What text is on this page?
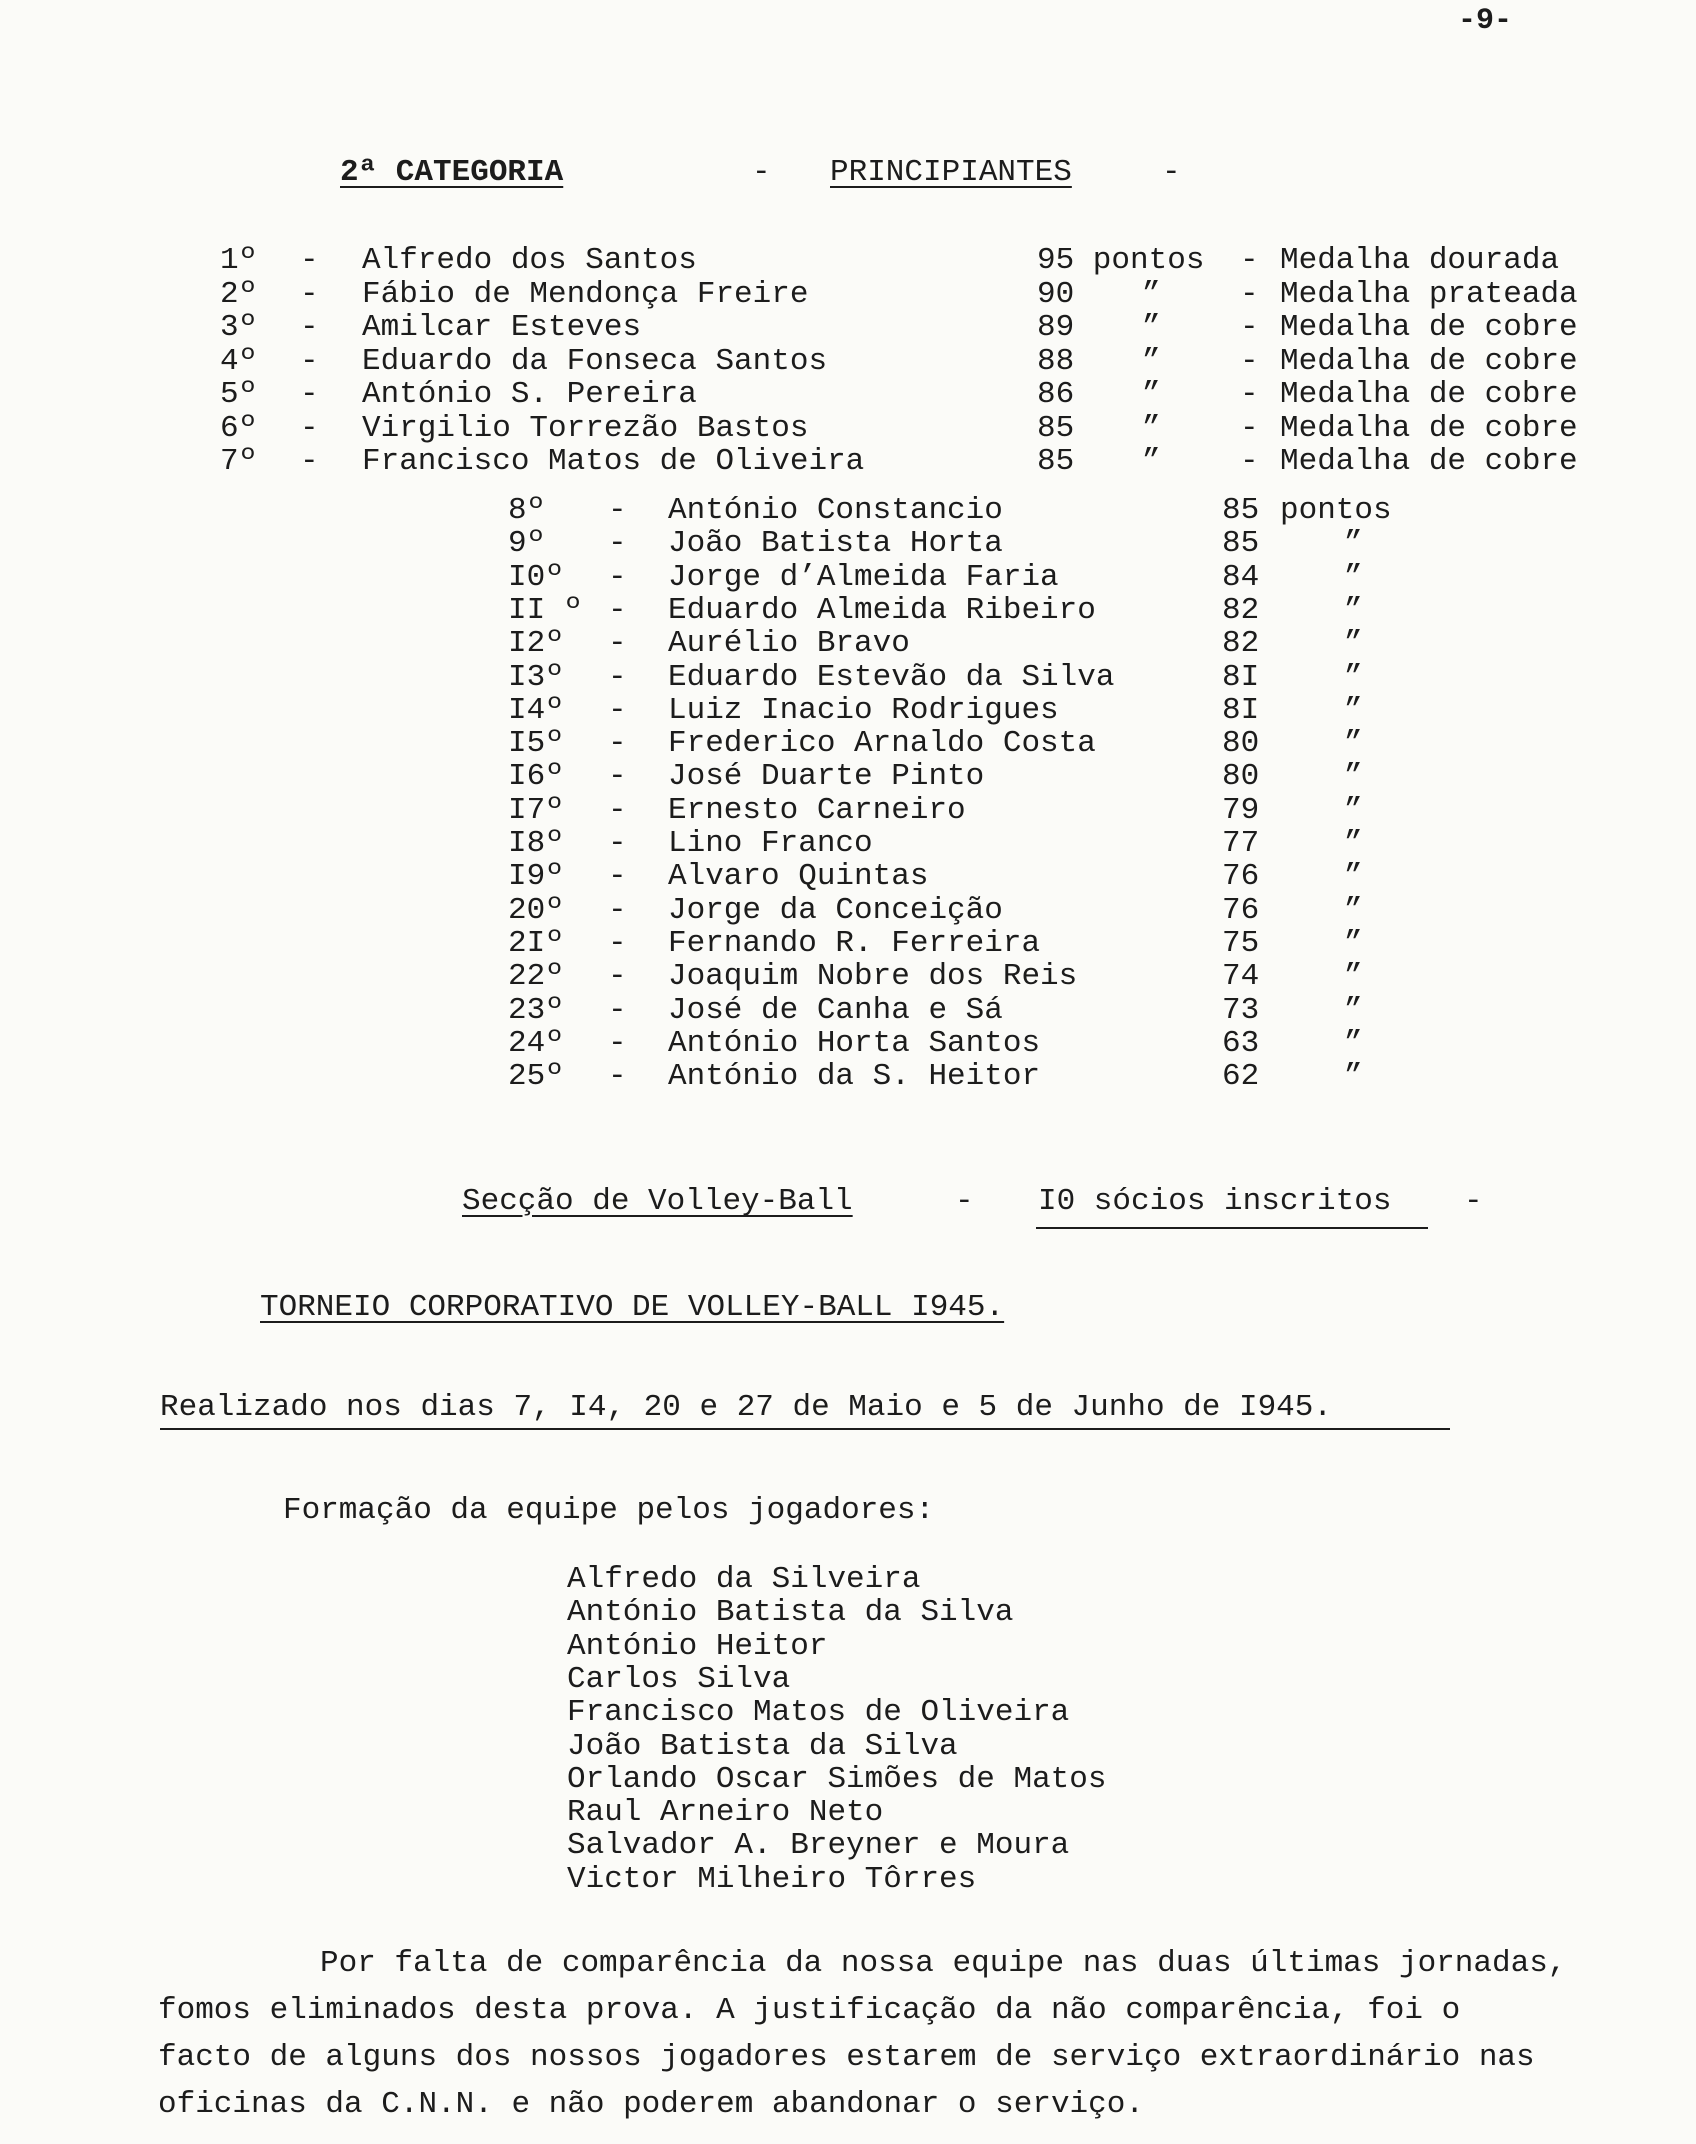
-9-
2ª CATEGORIA	- PRINCIPIANTES	-
1º - Alfredo dos Santos	95 pontos - Medalha dourada
2º - Fábio de Mendonça Freire	90 ”	- Medalha prateada
3º - Amilcar Esteves	89 ”	- Medalha de cobre
4º - Eduardo da Fonseca Santos	88 ”	- Medalha de cobre
5º - António S. Pereira	86 ”	- Medalha de cobre
6º - Virgilio Torrezão Bastos	85 ”	- Medalha de cobre
7º - Francisco Matos de Oliveira	85 ”	- Medalha de cobre
8º - António Constancio	85 pontos
9º - João Batista Horta	85	”
I0º - Jorge d’Almeida Faria	84	”
II º - Eduardo Almeida Ribeiro	82	”
I2º - Aurélio Bravo	82	”
I3º - Eduardo Estevão da Silva	8I	”
I4º - Luiz Inacio Rodrigues	8I	”
I5º - Frederico Arnaldo Costa	80	”
I6º - José Duarte Pinto	80	”
I7º - Ernesto Carneiro	79	”
I8º - Lino Franco	77	”
I9º - Alvaro Quintas	76	”
20º - Jorge da Conceição	76	”
2Iº - Fernando R. Ferreira	75	”
22º - Joaquim Nobre dos Reis	74	”
23º - José de Canha e Sá	73	”
24º - António Horta Santos	63	”
25º - António da S. Heitor	62	”
Secção de Volley-Ball	- I0 sócios inscritos -
TORNEIO CORPORATIVO DE VOLLEY-BALL I945.
Realizado nos dias 7, I4, 20 e 27 de Maio e 5 de Junho de I945.
Formação da equipe pelos jogadores:
Alfredo da Silveira
António Batista da Silva
António Heitor
Carlos Silva
Francisco Matos de Oliveira
João Batista da Silva
Orlando Oscar Simões de Matos
Raul Arneiro Neto
Salvador A. Breyner e Moura
Victor Milheiro Tôrres
Por falta de comparência da nossa equipe nas duas últimas jornadas,
fomos eliminados desta prova. A justificação da não comparência, foi o
facto de alguns dos nossos jogadores estarem de serviço extraordinário nas
oficinas da C.N.N. e não poderem abandonar o serviço.
